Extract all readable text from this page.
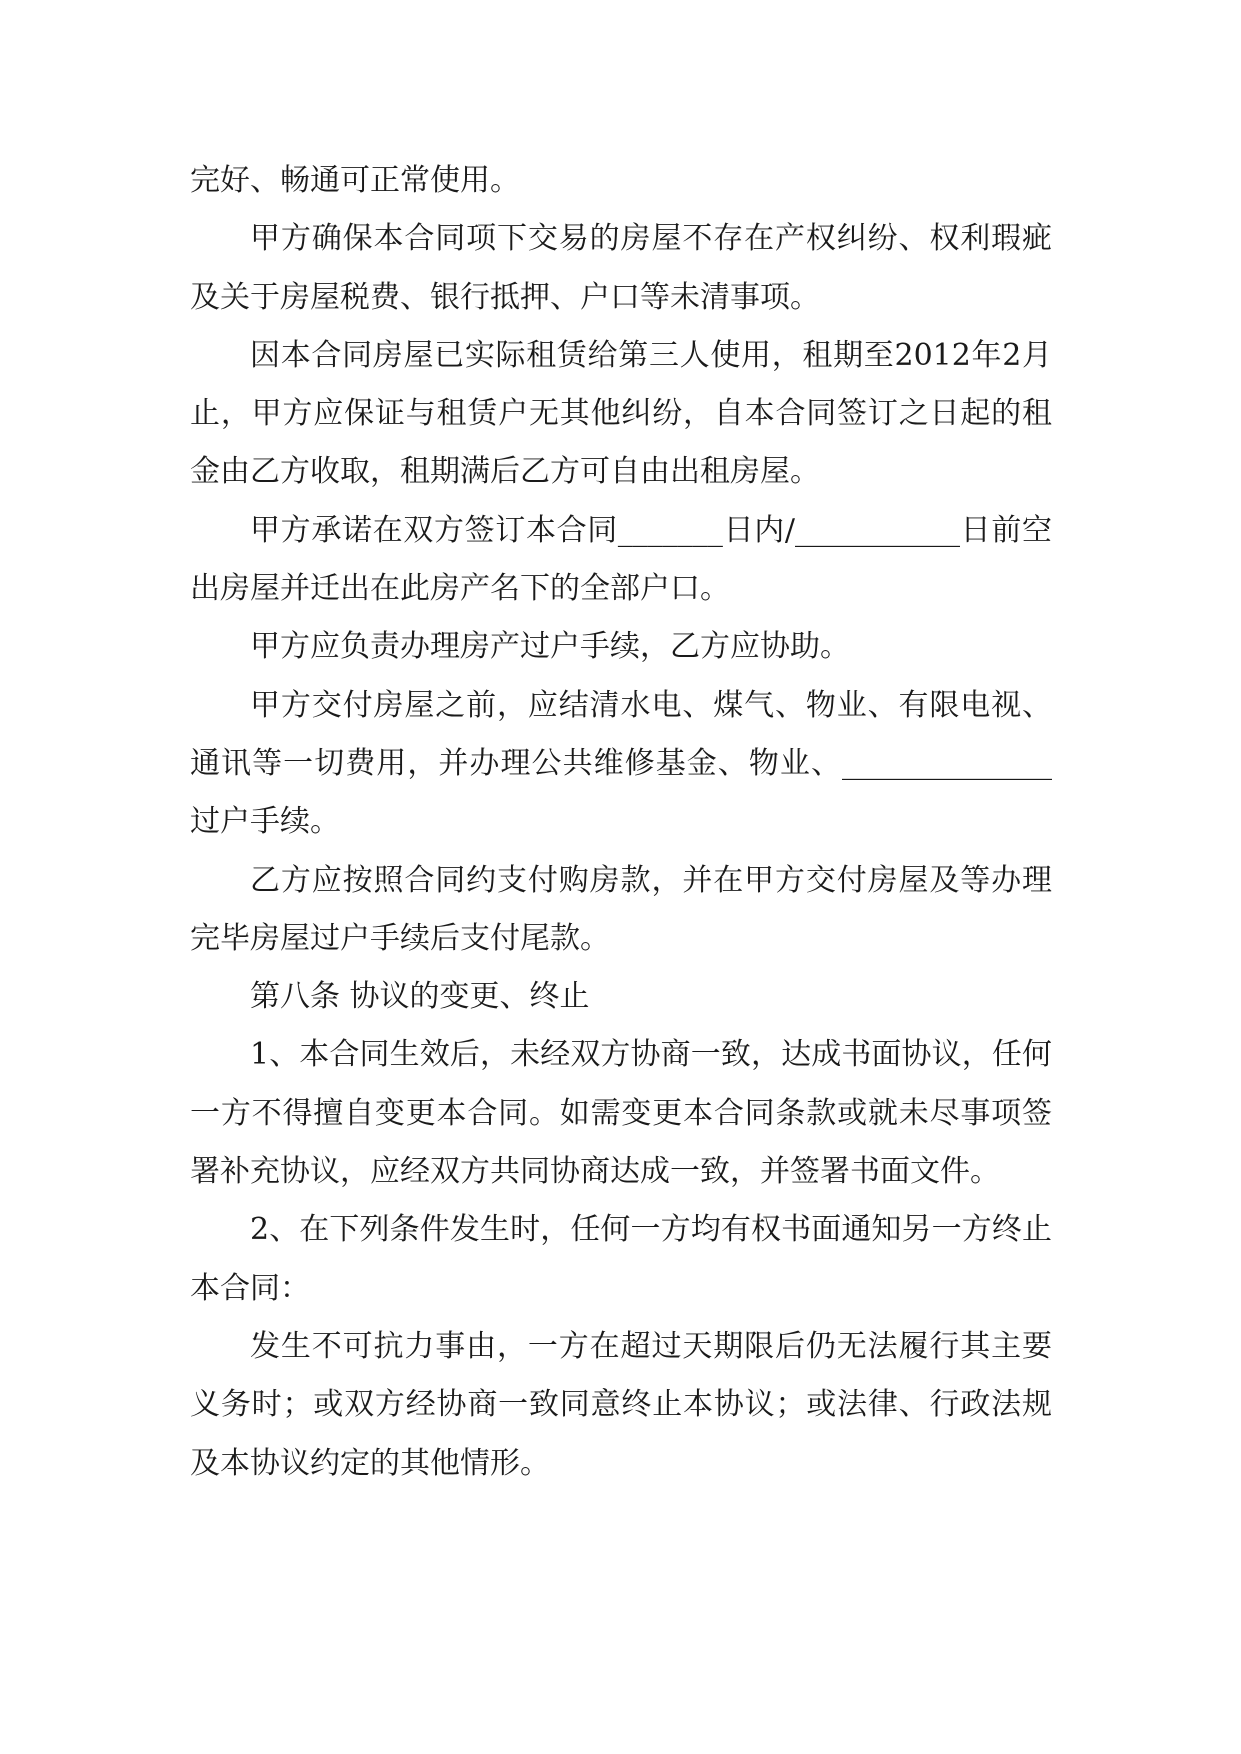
完好、畅通可正常使用。

甲方确保本合同项下交易的房屋不存在产权纠纷、权利瑕疵及关于房屋税费、银行抵押、户口等未清事项。

因本合同房屋已实际租赁给第三人使用，租期至2012年2月止，甲方应保证与租赁户无其他纠纷，自本合同签订之日起的租金由乙方收取，租期满后乙方可自由出租房屋。

甲方承诺在双方签订本合同_______日内/___________日前空出房屋并迁出在此房产名下的全部户口。

甲方应负责办理房产过户手续，乙方应协助。

甲方交付房屋之前，应结清水电、煤气、物业、有限电视、通讯等一切费用，并办理公共维修基金、物业、______________过户手续。

乙方应按照合同约支付购房款，并在甲方交付房屋及等办理完毕房屋过户手续后支付尾款。

第八条 协议的变更、终止

1、本合同生效后，未经双方协商一致，达成书面协议，任何一方不得擅自变更本合同。如需变更本合同条款或就未尽事项签署补充协议，应经双方共同协商达成一致，并签署书面文件。

2、在下列条件发生时，任何一方均有权书面通知另一方终止本合同：

发生不可抗力事由，一方在超过天期限后仍无法履行其主要义务时；或双方经协商一致同意终止本协议；或法律、行政法规及本协议约定的其他情形。
